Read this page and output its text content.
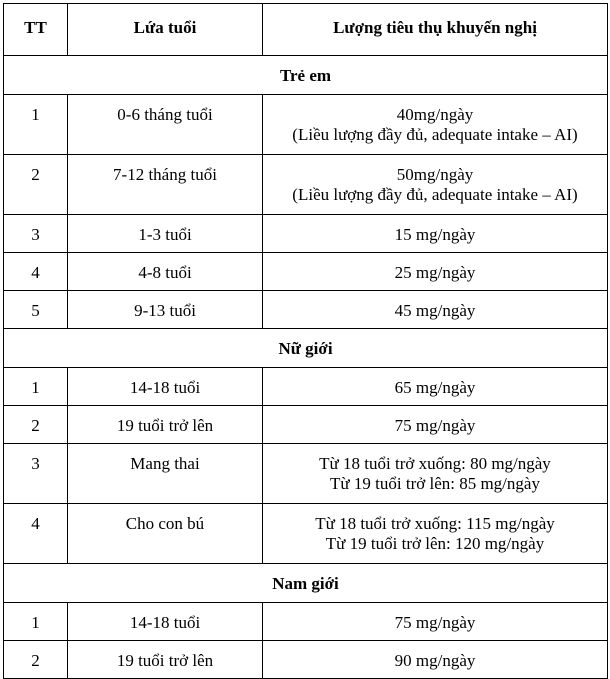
TT	Lứa tuổi	Lượng tiêu thụ khuyến nghị
Trẻ em		
1	0-6 tháng tuổi	40mg/ngày
(Liều lượng đầy đủ, adequate intake – AI)

2	7-12 tháng tuổi	50mg/ngày
(Liều lượng đầy đủ, adequate intake – AI)

3	1-3 tuổi	15 mg/ngày

4	4-8 tuổi	25 mg/ngày

5	9-13 tuổi	45 mg/ngày

Nữ giới		
1	14-18 tuổi	65 mg/ngày

2	19 tuổi trở lên	75 mg/ngày

3	Mang thai	Từ 18 tuổi trở xuống: 80 mg/ngày
Từ 19 tuổi trở lên: 85 mg/ngày

4	Cho con bú	Từ 18 tuổi trở xuống: 115 mg/ngày
Từ 19 tuổi trở lên: 120 mg/ngày

Nam giới		
1	14-18 tuổi	75 mg/ngày

2	19 tuổi trở lên	90 mg/ngày
